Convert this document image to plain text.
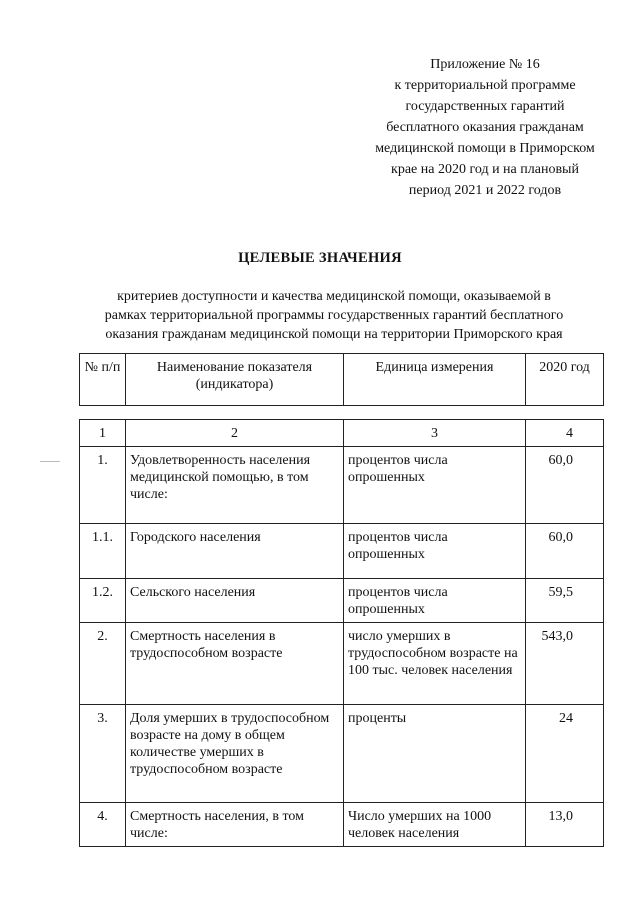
Приложение № 16
к территориальной программе
государственных гарантий
бесплатного оказания гражданам
медицинской помощи в Приморском
крае на 2020 год и на плановый
период 2021 и 2022 годов
ЦЕЛЕВЫЕ ЗНАЧЕНИЯ
критериев доступности и качества медицинской помощи, оказываемой в
рамках территориальной программы государственных гарантий бесплатного
оказания гражданам медицинской помощи на территории Приморского края
№ п/п	Наименование показателя (индикатора)	Единица измерения	2020 год
1	2	3	4
1.	Удовлетворенность населения медицинской помощью, в том числе:	процентов числа опрошенных	60,0
1.1.	Городского населения	процентов числа опрошенных	60,0
1.2.	Сельского населения	процентов числа опрошенных	59,5
2.	Смертность населения в трудоспособном возрасте	число умерших в трудоспособном возрасте на 100 тыс. человек населения	543,0
3.	Доля умерших в трудоспособном возрасте на дому в общем количестве умерших в трудоспособном возрасте	проценты	24
4.	Смертность населения, в том числе:	Число умерших на 1000 человек населения	13,0
